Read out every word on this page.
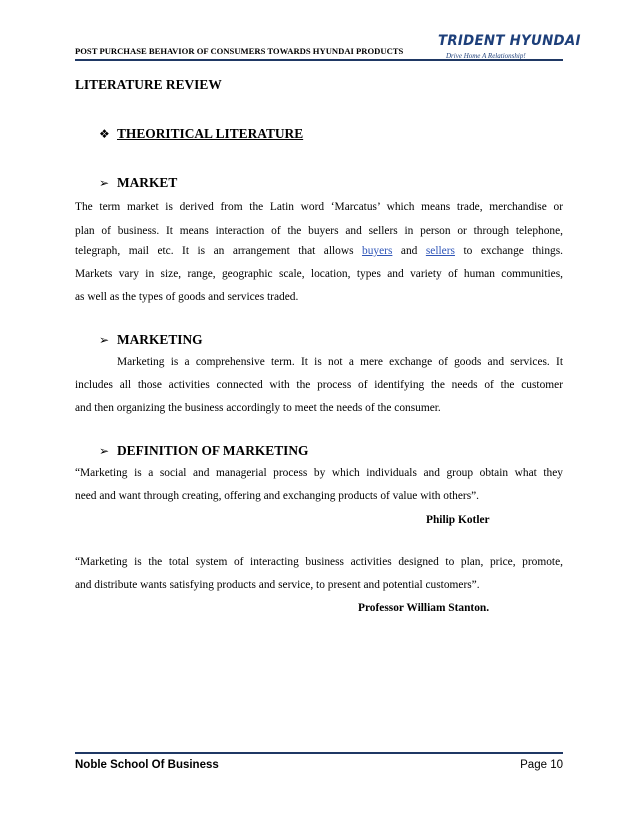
POST PURCHASE BEHAVIOR OF CONSUMERS TOWARDS HYUNDAI PRODUCTS
TRIDENT HYUNDAI
Drive Home A Relationship!
LITERATURE REVIEW
❖ THEORITICAL LITERATURE
➢ MARKET
The term market is derived from the Latin word ‘Marcatus’ which means trade, merchandise or
plan of business. It means interaction of the buyers and sellers in person or through telephone,
telegraph, mail etc. It is an arrangement that allows buyers and sellers to exchange things.
Markets vary in size, range, geographic scale, location, types and variety of human communities,
as well as the types of goods and services traded.
➢ MARKETING
Marketing is a comprehensive term. It is not a mere exchange of goods and services. It
includes all those activities connected with the process of identifying the needs of the customer
and then organizing the business accordingly to meet the needs of the consumer.
➢ DEFINITION OF MARKETING
“Marketing is a social and managerial process by which individuals and group obtain what they
need and want through creating, offering and exchanging products of value with others”.
Philip Kotler
“Marketing is the total system of interacting business activities designed to plan, price, promote,
and distribute wants satisfying products and service, to present and potential customers”.
Professor William Stanton.
Noble School Of Business	Page 10
